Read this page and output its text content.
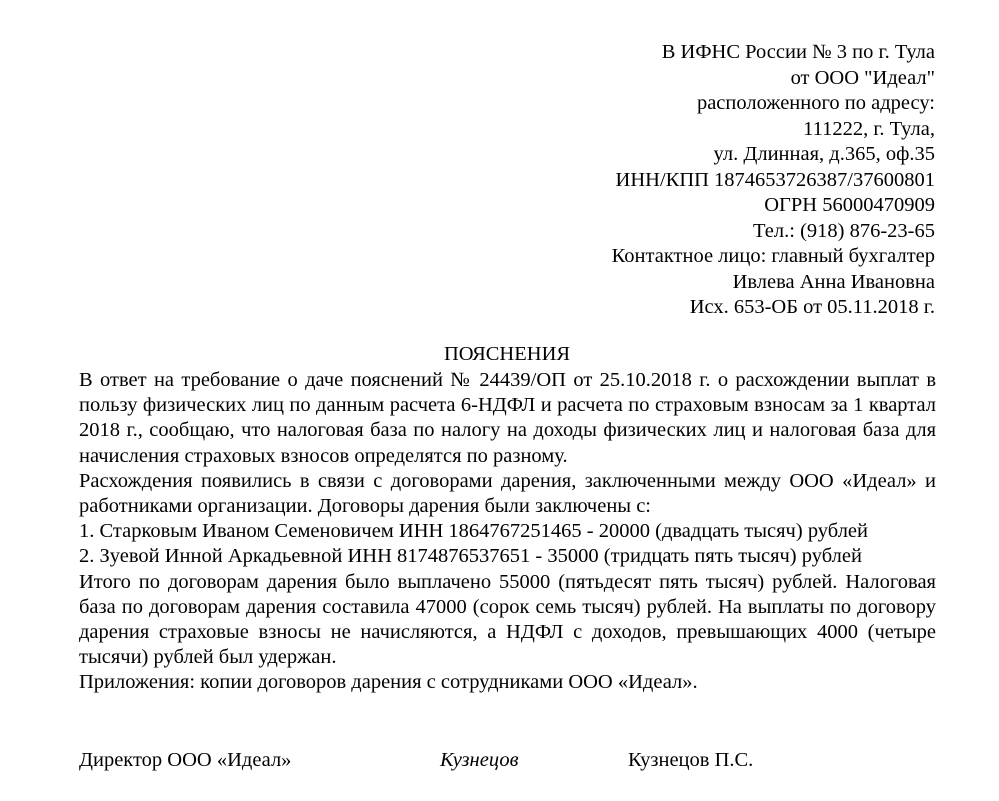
В ИФНС России № 3 по г. Тула
от ООО "Идеал"
расположенного по адресу:
111222, г. Тула,
ул. Длинная, д.365, оф.35
ИНН/КПП 1874653726387/37600801
ОГРН 56000470909
Тел.: (918) 876-23-65
Контактное лицо: главный бухгалтер
Ивлева Анна Ивановна
Исх. 653-ОБ от 05.11.2018 г.
ПОЯСНЕНИЯ

В ответ на требование о даче пояснений № 24439/ОП от 25.10.2018 г. о расхождении выплат в пользу физических лиц по данным расчета 6-НДФЛ и расчета по страховым взносам за 1 квартал 2018 г., сообщаю, что налоговая база по налогу на доходы физических лиц и налоговая база для начисления страховых взносов определятся по разному.

Расхождения появились в связи с договорами дарения, заключенными между ООО «Идеал» и работниками организации. Договоры дарения были заключены с:

1. Старковым Иваном Семеновичем ИНН 1864767251465 - 20000 (двадцать тысяч) рублей

2. Зуевой Инной Аркадьевной ИНН 8174876537651 - 35000 (тридцать пять тысяч) рублей

Итого по договорам дарения было выплачено 55000 (пятьдесят пять тысяч) рублей. Налоговая база по договорам дарения составила 47000 (сорок семь тысяч) рублей. На выплаты по договору дарения страховые взносы не начисляются, а НДФЛ с доходов, превышающих 4000 (четыре тысячи) рублей был удержан.

Приложения: копии договоров дарения с сотрудниками ООО «Идеал».

Директор ООО «Идеал»	Кузнецов	Кузнецов П.С.
